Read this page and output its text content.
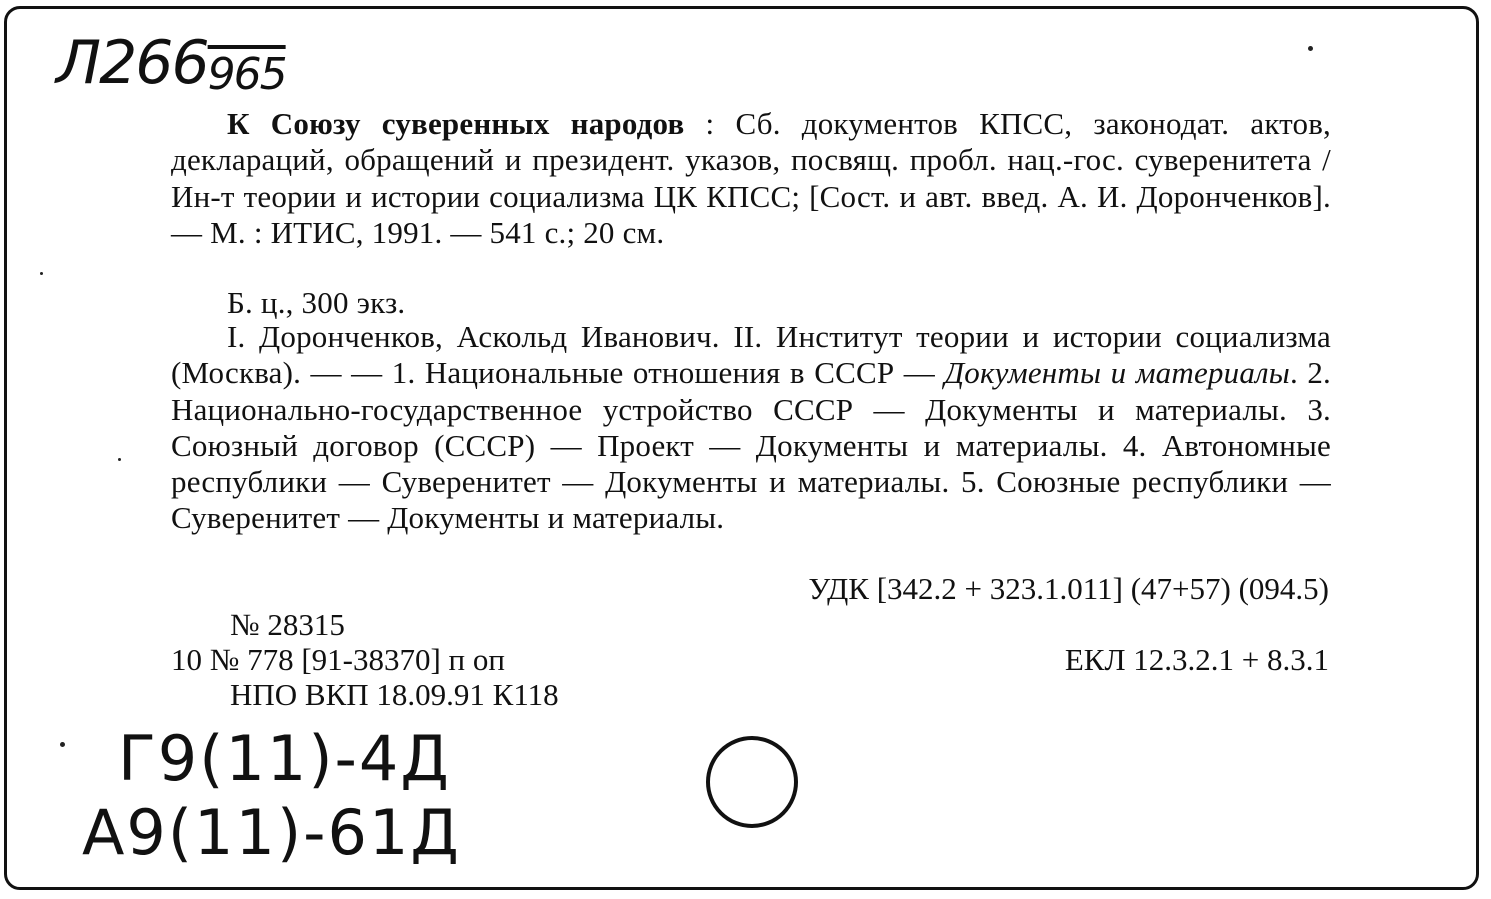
Л266965

К Союзу суверенных народов : Сб. документов КПСС, законодат. актов, деклараций, обращений и президент. указов, посвящ. пробл. нац.-гос. суверенитета / Ин-т теории и истории социализма ЦК КПСС; [Сост. и авт. введ. А. И. Доронченков]. — М. : ИТИС, 1991. — 541 с.; 20 см.

Б. ц., 300 экз.

I. Доронченков, Аскольд Иванович. II. Институт теории и истории социализма (Москва). — — 1. Национальные отношения в СССР — Документы и материалы. 2. Национально-государственное устройство СССР — Документы и материалы. 3. Союзный договор (СССР) — Проект — Документы и материалы. 4. Автономные республики — Суверенитет — Документы и материалы. 5. Союзные республики — Суверенитет — Документы и материалы.

УДК [342.2 + 323.1.011] (47+57) (094.5)
№ 28315
10 № 778 [91-38370] п оп	ЕКЛ 12.3.2.1 + 8.3.1
НПО ВКП 18.09.91 К118
Г9(11)-4Д
А9(11)-61Д
